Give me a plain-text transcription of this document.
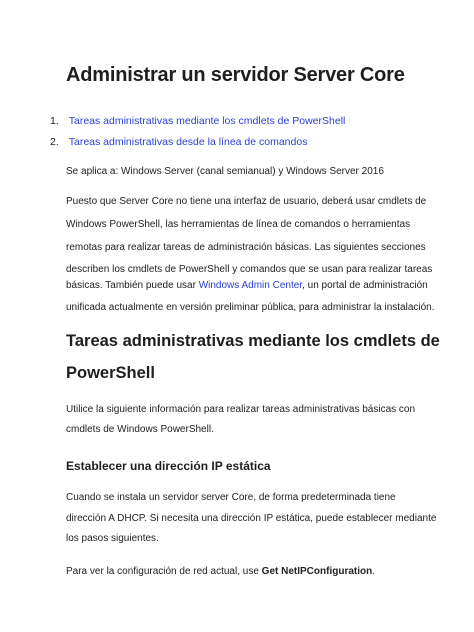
Administrar un servidor Server Core
1. Tareas administrativas mediante los cmdlets de PowerShell
2. Tareas administrativas desde la línea de comandos
Se aplica a: Windows Server (canal semianual) y Windows Server 2016
Puesto que Server Core no tiene una interfaz de usuario, deberá usar cmdlets de
Windows PowerShell, las herramientas de línea de comandos o herramientas
remotas para realizar tareas de administración básicas. Las siguientes secciones
describen los cmdlets de PowerShell y comandos que se usan para realizar tareas
básicas. También puede usar Windows Admin Center, un portal de administración
unificada actualmente en versión preliminar pública, para administrar la instalación.
Tareas administrativas mediante los cmdlets de
PowerShell
Utilice la siguiente información para realizar tareas administrativas básicas con
cmdlets de Windows PowerShell.
Establecer una dirección IP estática
Cuando se instala un servidor server Core, de forma predeterminada tiene
dirección A DHCP. Si necesita una dirección IP estática, puede establecer mediante
los pasos siguientes.
Para ver la configuración de red actual, use Get NetIPConfiguration.
